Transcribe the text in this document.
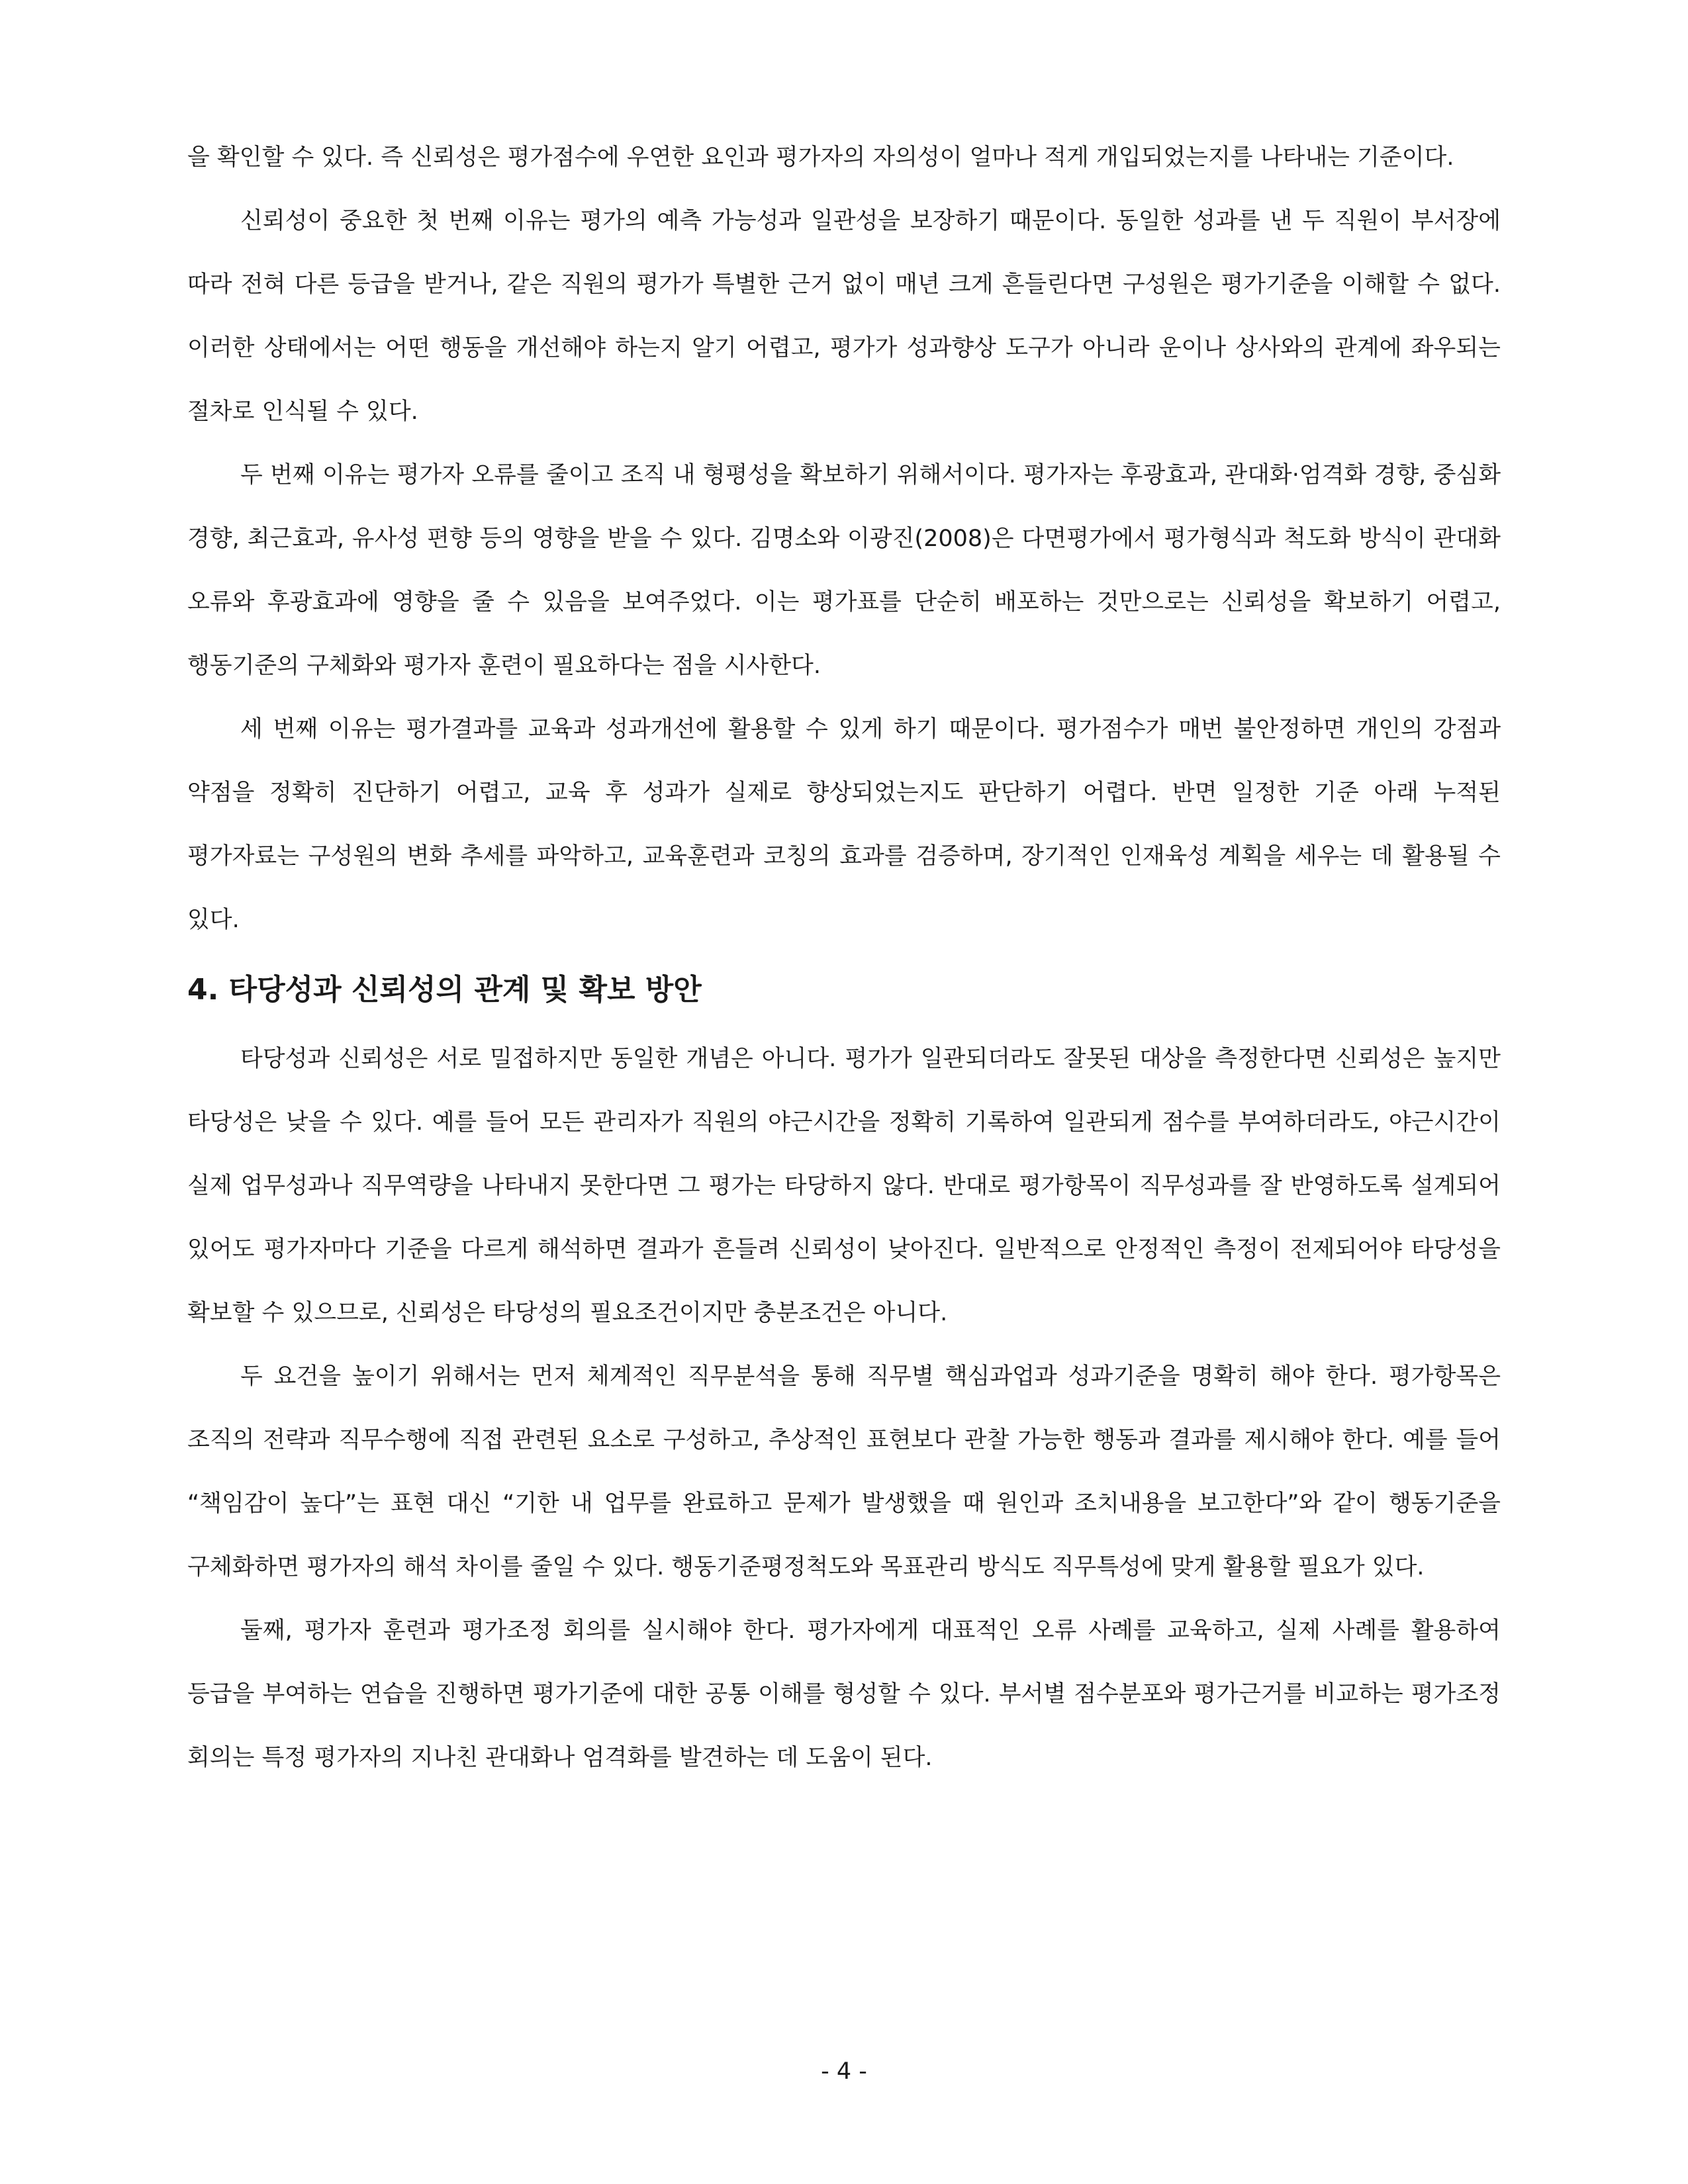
을 확인할 수 있다. 즉 신뢰성은 평가점수에 우연한 요인과 평가자의 자의성이 얼마나 적게 개입되었는지를 나타내는 기준이다.

신뢰성이 중요한 첫 번째 이유는 평가의 예측 가능성과 일관성을 보장하기 때문이다. 동일한 성과를 낸 두 직원이 부서장에 따라 전혀 다른 등급을 받거나, 같은 직원의 평가가 특별한 근거 없이 매년 크게 흔들린다면 구성원은 평가기준을 이해할 수 없다. 이러한 상태에서는 어떤 행동을 개선해야 하는지 알기 어렵고, 평가가 성과향상 도구가 아니라 운이나 상사와의 관계에 좌우되는 절차로 인식될 수 있다.

두 번째 이유는 평가자 오류를 줄이고 조직 내 형평성을 확보하기 위해서이다. 평가자는 후광효과, 관대화·엄격화 경향, 중심화 경향, 최근효과, 유사성 편향 등의 영향을 받을 수 있다. 김명소와 이광진(2008)은 다면평가에서 평가형식과 척도화 방식이 관대화 오류와 후광효과에 영향을 줄 수 있음을 보여주었다. 이는 평가표를 단순히 배포하는 것만으로는 신뢰성을 확보하기 어렵고, 행동기준의 구체화와 평가자 훈련이 필요하다는 점을 시사한다.

세 번째 이유는 평가결과를 교육과 성과개선에 활용할 수 있게 하기 때문이다. 평가점수가 매번 불안정하면 개인의 강점과 약점을 정확히 진단하기 어렵고, 교육 후 성과가 실제로 향상되었는지도 판단하기 어렵다. 반면 일정한 기준 아래 누적된 평가자료는 구성원의 변화 추세를 파악하고, 교육훈련과 코칭의 효과를 검증하며, 장기적인 인재육성 계획을 세우는 데 활용될 수 있다.

4. 타당성과 신뢰성의 관계 및 확보 방안

타당성과 신뢰성은 서로 밀접하지만 동일한 개념은 아니다. 평가가 일관되더라도 잘못된 대상을 측정한다면 신뢰성은 높지만 타당성은 낮을 수 있다. 예를 들어 모든 관리자가 직원의 야근시간을 정확히 기록하여 일관되게 점수를 부여하더라도, 야근시간이 실제 업무성과나 직무역량을 나타내지 못한다면 그 평가는 타당하지 않다. 반대로 평가항목이 직무성과를 잘 반영하도록 설계되어 있어도 평가자마다 기준을 다르게 해석하면 결과가 흔들려 신뢰성이 낮아진다. 일반적으로 안정적인 측정이 전제되어야 타당성을 확보할 수 있으므로, 신뢰성은 타당성의 필요조건이지만 충분조건은 아니다.

두 요건을 높이기 위해서는 먼저 체계적인 직무분석을 통해 직무별 핵심과업과 성과기준을 명확히 해야 한다. 평가항목은 조직의 전략과 직무수행에 직접 관련된 요소로 구성하고, 추상적인 표현보다 관찰 가능한 행동과 결과를 제시해야 한다. 예를 들어 “책임감이 높다”는 표현 대신 “기한 내 업무를 완료하고 문제가 발생했을 때 원인과 조치내용을 보고한다”와 같이 행동기준을 구체화하면 평가자의 해석 차이를 줄일 수 있다. 행동기준평정척도와 목표관리 방식도 직무특성에 맞게 활용할 필요가 있다.

둘째, 평가자 훈련과 평가조정 회의를 실시해야 한다. 평가자에게 대표적인 오류 사례를 교육하고, 실제 사례를 활용하여 등급을 부여하는 연습을 진행하면 평가기준에 대한 공통 이해를 형성할 수 있다. 부서별 점수분포와 평가근거를 비교하는 평가조정 회의는 특정 평가자의 지나친 관대화나 엄격화를 발견하는 데 도움이 된다.

- 4 -
